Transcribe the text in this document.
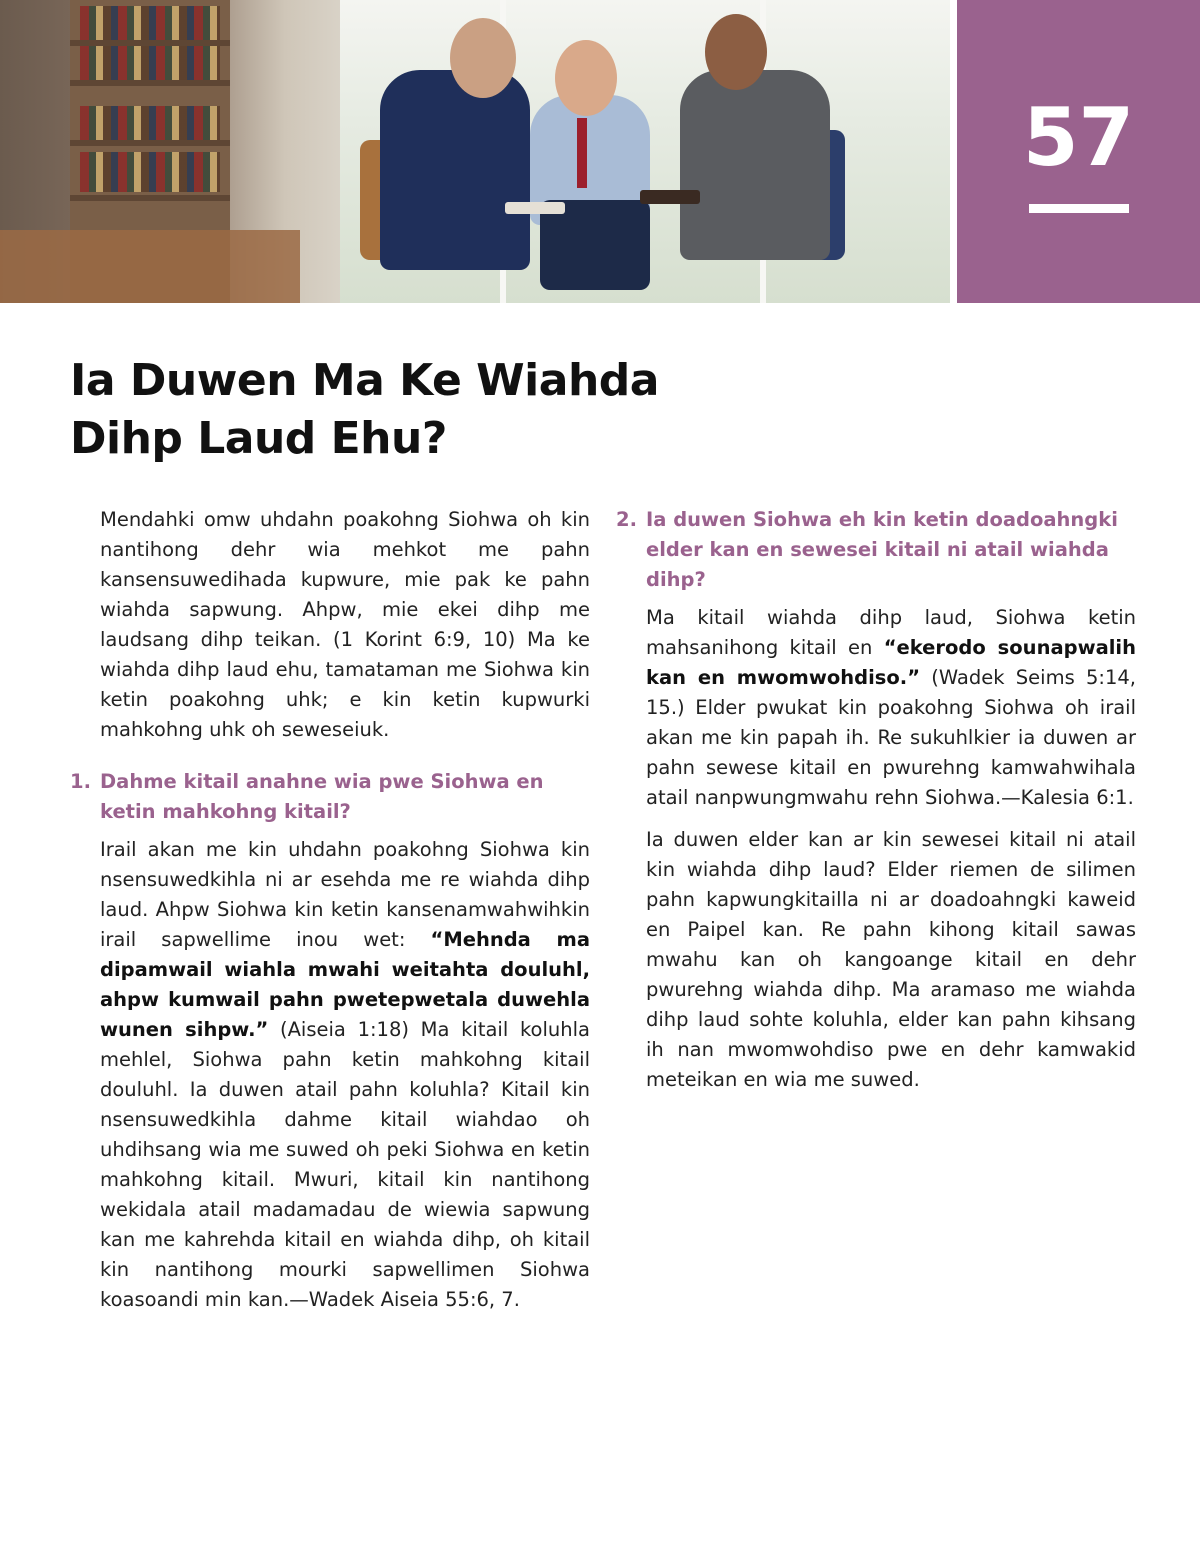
57
Ia Duwen Ma Ke Wiahda
Dihp Laud Ehu?

Mendahki omw uhdahn poakohng Siohwa oh kin nantihong dehr wia mehkot me pahn kansensuwedihada kupwure, mie pak ke pahn wiahda sapwung. Ahpw, mie ekei dihp me laudsang dihp teikan. (1 Korint 6:9, 10) Ma ke wiahda dihp laud ehu, tamataman me Siohwa kin ketin poakohng uhk; e kin ketin kupwurki mahkohng uhk oh seweseiuk.

1. Dahme kitail anahne wia pwe Siohwa en ketin mahkohng kitail?

Irail akan me kin uhdahn poakohng Siohwa kin nsensuwedkihla ni ar esehda me re wiahda dihp laud. Ahpw Siohwa kin ketin kansenamwahwihkin irail sapwellime inou wet: “Mehnda ma dipamwail wiahla mwahi weitahta douluhl, ahpw kumwail pahn pwetepwetala duwehla wunen sihpw.” (Aiseia 1:18) Ma kitail koluhla mehlel, Siohwa pahn ketin mahkohng kitail douluhl. Ia duwen atail pahn koluhla? Kitail kin nsensuwedkihla dahme kitail wiahdao oh uhdihsang wia me suwed oh peki Siohwa en ketin mahkohng kitail. Mwuri, kitail kin nantihong wekidala atail madamadau de wiewia sapwung kan me kahrehda kitail en wiahda dihp, oh kitail kin nantihong mourki sapwellimen Siohwa koasoandi min kan.—Wadek Aiseia 55:6, 7.

2. Ia duwen Siohwa eh kin ketin doadoahngki elder kan en sewesei kitail ni atail wiahda dihp?

Ma kitail wiahda dihp laud, Siohwa ketin mahsanihong kitail en “ekerodo sounapwalih kan en mwomwohdiso.” (Wadek Seims 5:14, 15.) Elder pwukat kin poakohng Siohwa oh irail akan me kin papah ih. Re sukuhlkier ia duwen ar pahn sewese kitail en pwurehng kamwahwihala atail nanpwungmwahu rehn Siohwa.—Kalesia 6:1.

Ia duwen elder kan ar kin sewesei kitail ni atail kin wiahda dihp laud? Elder riemen de silimen pahn kapwungkitailla ni ar doadoahngki kaweid en Paipel kan. Re pahn kihong kitail sawas mwahu kan oh kangoange kitail en dehr pwurehng wiahda dihp. Ma aramaso me wiahda dihp laud sohte koluhla, elder kan pahn kihsang ih nan mwomwohdiso pwe en dehr kamwakid meteikan en wia me suwed.
